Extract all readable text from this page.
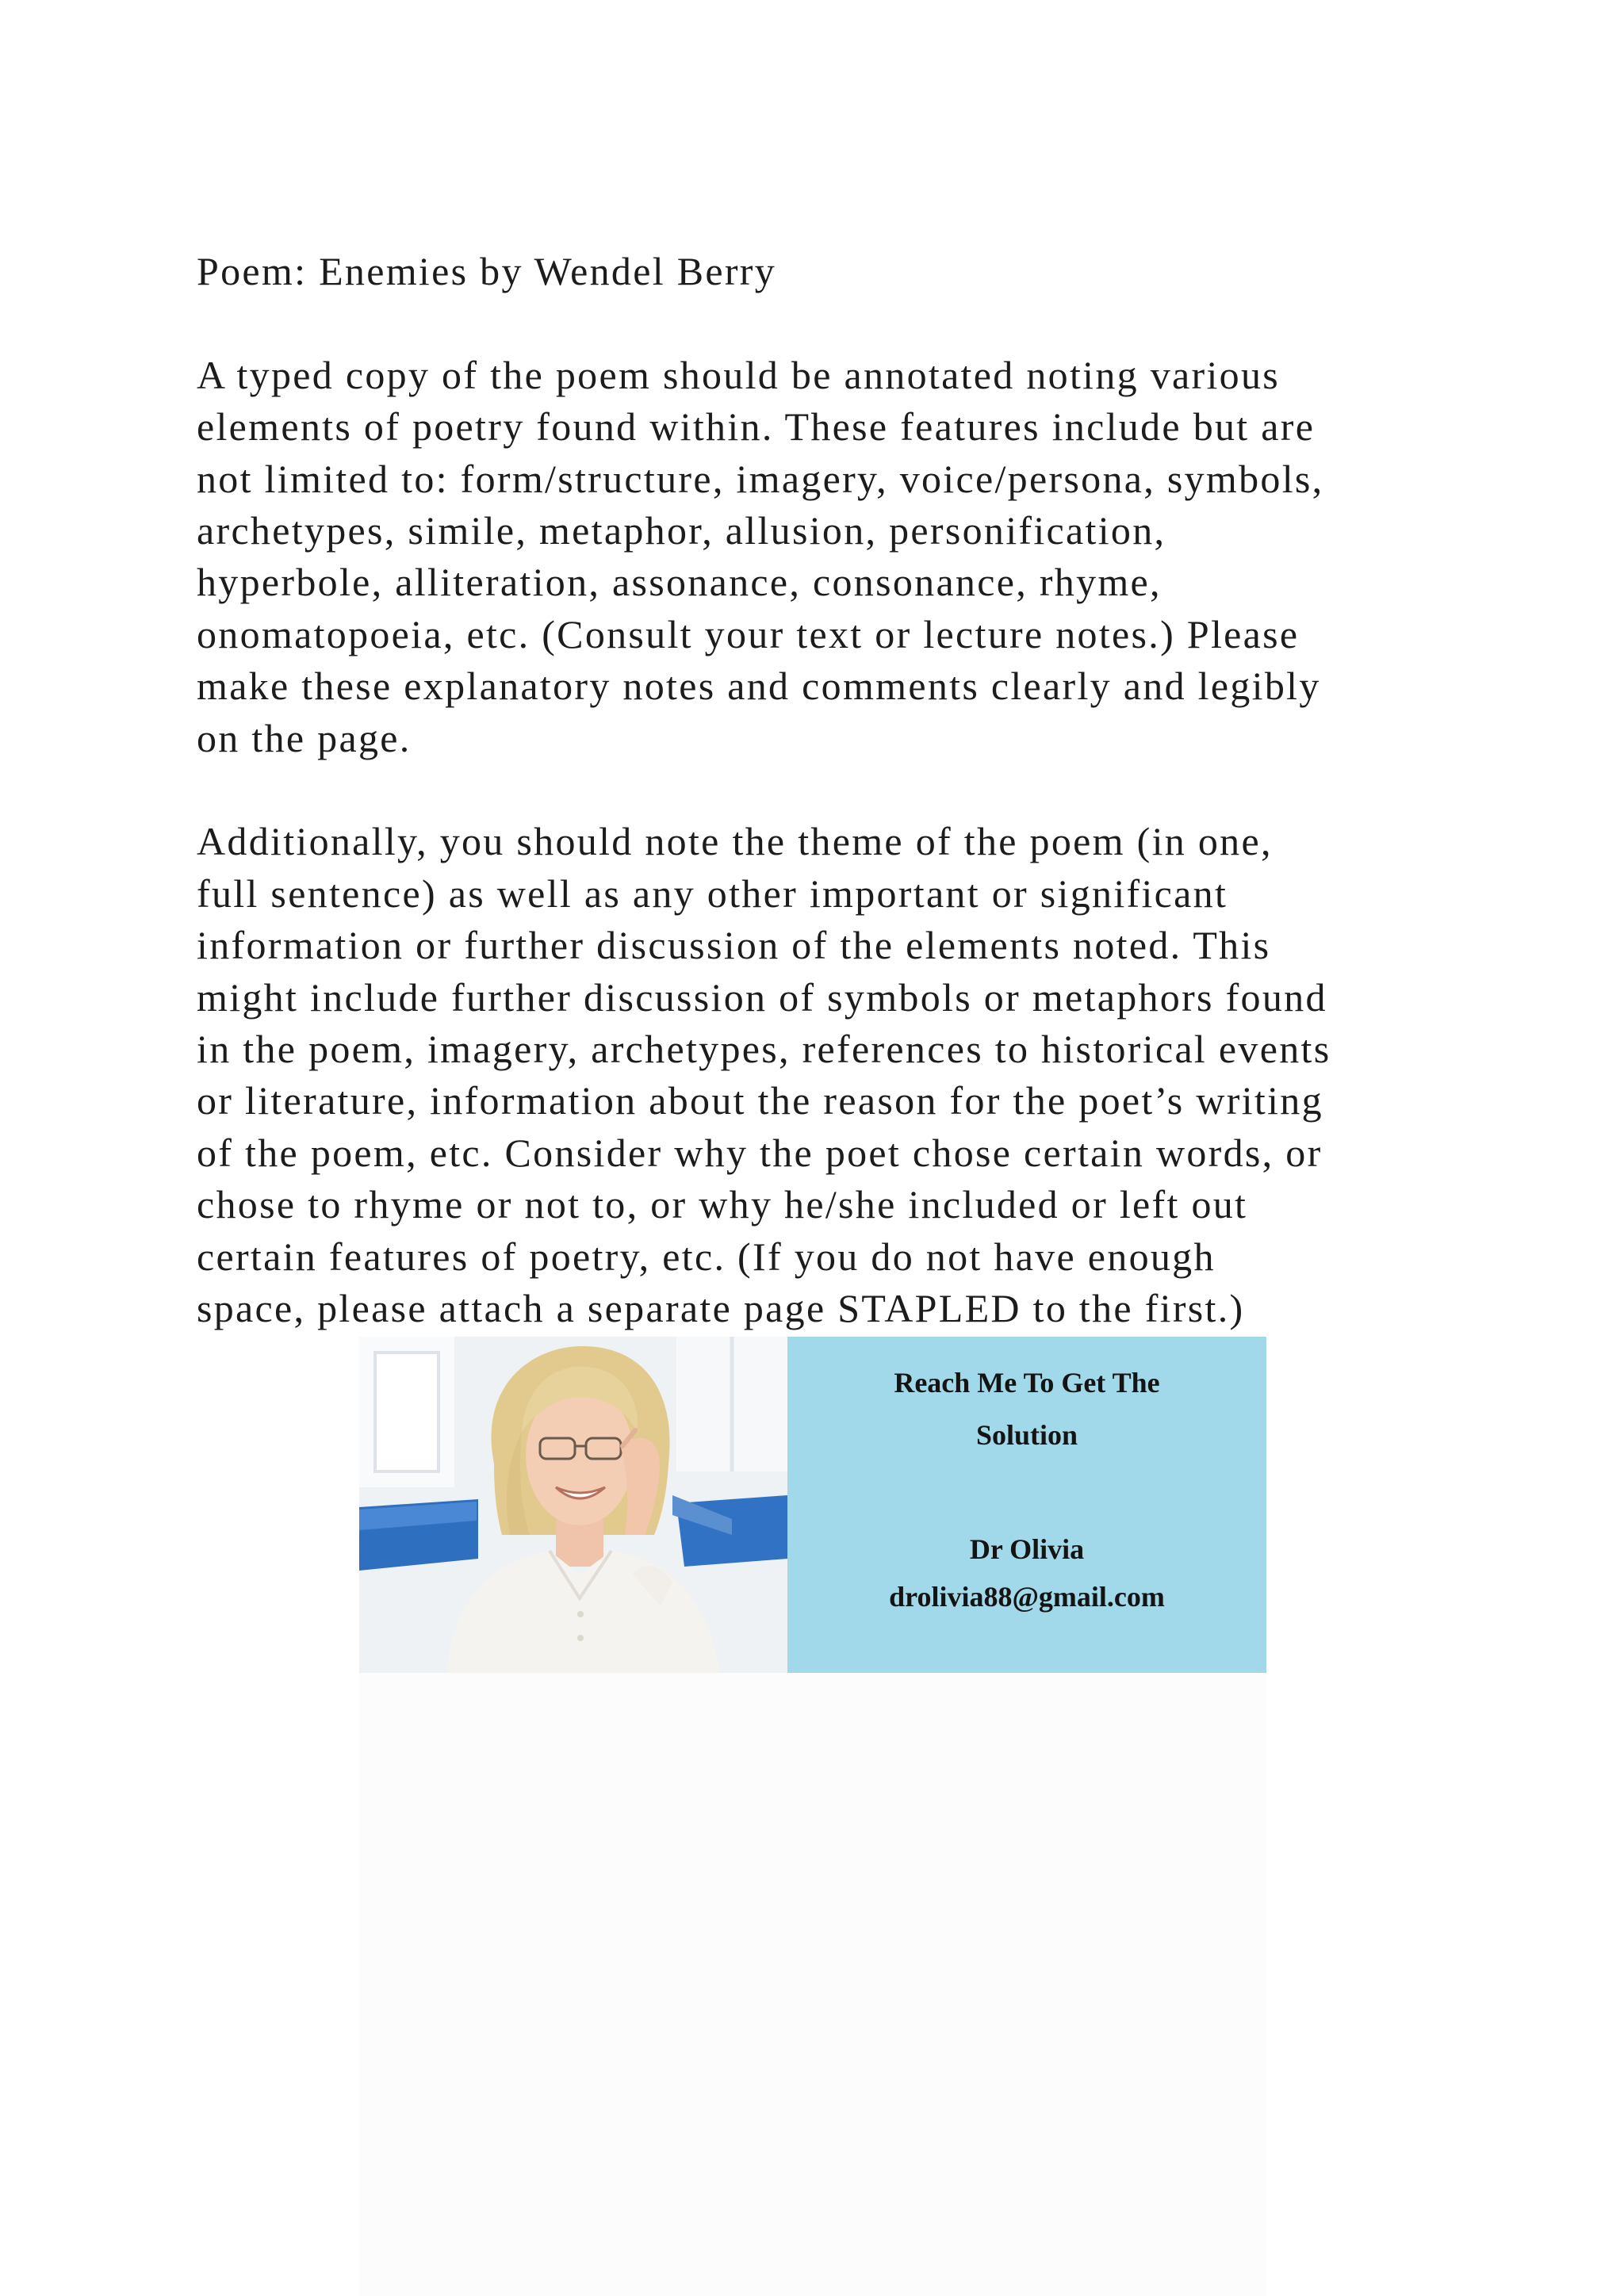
Poem: Enemies by Wendel Berry

A typed copy of the poem should be annotated noting various
elements of poetry found within. These features include but are
not limited to: form/structure, imagery, voice/persona, symbols,
archetypes, simile, metaphor, allusion, personification,
hyperbole, alliteration, assonance, consonance, rhyme,
onomatopoeia, etc. (Consult your text or lecture notes.) Please
make these explanatory notes and comments clearly and legibly
on the page.

Additionally, you should note the theme of the poem (in one,
full sentence) as well as any other important or significant
information or further discussion of the elements noted. This
might include further discussion of symbols or metaphors found
in the poem, imagery, archetypes, references to historical events
or literature, information about the reason for the poet’s writing
of the poem, etc. Consider why the poet chose certain words, or
chose to rhyme or not to, or why he/she included or left out
certain features of poetry, etc. (If you do not have enough
space, please attach a separate page STAPLED to the first.)

Reach Me To Get The

Solution

Dr Olivia

drolivia88@gmail.com
